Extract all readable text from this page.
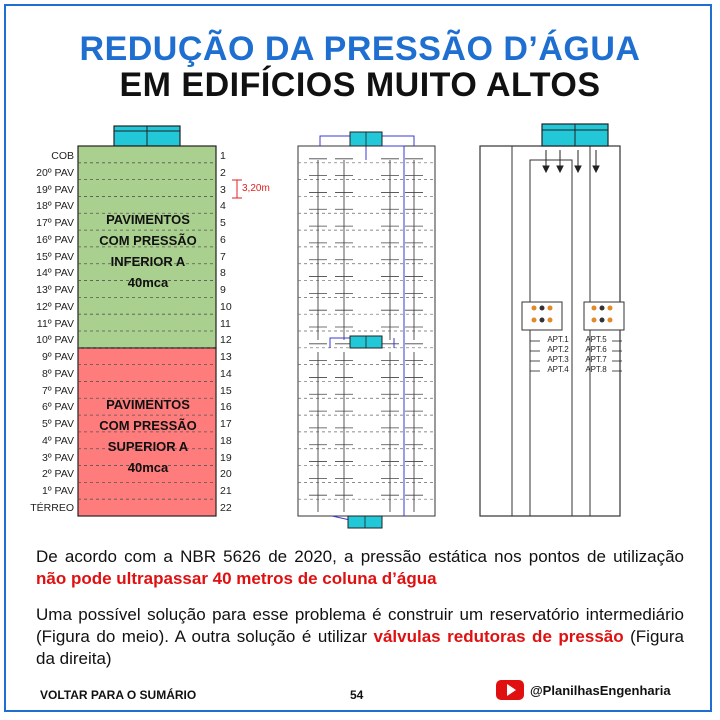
REDUÇÃO DA PRESSÃO D’ÁGUA
EM EDIFÍCIOS MUITO ALTOS
COB	1
20º PAV	2
19º PAV	3
18º PAV	4
17º PAV	5
16º PAV	6
15º PAV	7
14º PAV	8
13º PAV	9
12º PAV	10
11º PAV	11
10º PAV	12
9º PAV	13
8º PAV	14
7º PAV	15
6º PAV	16
5º PAV	17
4º PAV	18
3º PAV	19
2º PAV	20
1º PAV	21
TÉRREO	22
3,20m
PAVIMENTOS
COM PRESSÃO
INFERIOR A
40mca
PAVIMENTOS
COM PRESSÃO
SUPERIOR A
40mca
APT.1
APT.2
APT.3
APT.4
APT.5
APT.6
APT.7
APT.8
De acordo com a NBR 5626 de 2020, a pressão estática nos pontos de utilização não pode ultrapassar 40 metros de coluna d’água
Uma possível solução para esse problema é construir um reservatório intermediário (Figura do meio). A outra solução é utilizar válvulas redutoras de pressão (Figura da direita)
VOLTAR PARA O SUMÁRIO	54	@PlanilhasEngenharia
